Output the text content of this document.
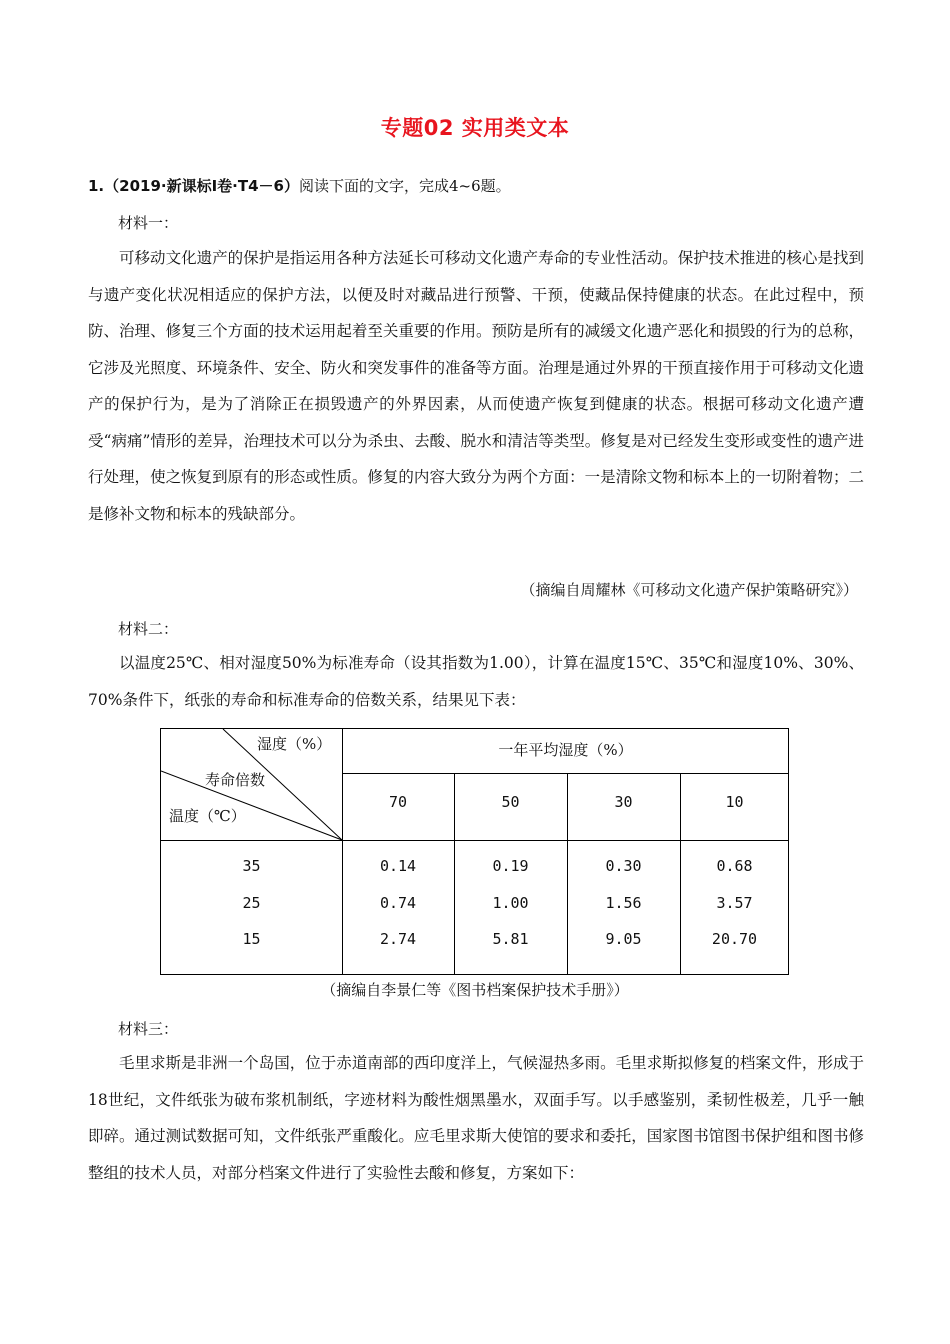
专题02 实用类文本
1.（2019·新课标Ⅰ卷·T4－6）阅读下面的文字，完成4~6题。
材料一：
可移动文化遗产的保护是指运用各种方法延长可移动文化遗产寿命的专业性活动。保护技术推进的核心是找到与遗产变化状况相适应的保护方法，以便及时对藏品进行预警、干预，使藏品保持健康的状态。在此过程中，预防、治理、修复三个方面的技术运用起着至关重要的作用。预防是所有的减缓文化遗产恶化和损毁的行为的总称，它涉及光照度、环境条件、安全、防火和突发事件的准备等方面。治理是通过外界的干预直接作用于可移动文化遗产的保护行为，是为了消除正在损毁遗产的外界因素，从而使遗产恢复到健康的状态。根据可移动文化遗产遭受“病痛”情形的差异，治理技术可以分为杀虫、去酸、脱水和清洁等类型。修复是对已经发生变形或变性的遗产进行处理，使之恢复到原有的形态或性质。修复的内容大致分为两个方面：一是清除文物和标本上的一切附着物；二是修补文物和标本的残缺部分。
（摘编自周耀林《可移动文化遗产保护策略研究》）
材料二：
以温度25℃、相对湿度50%为标准寿命（设其指数为1.00），计算在温度15℃、35℃和湿度10%、30%、70%条件下，纸张的寿命和标准寿命的倍数关系，结果见下表：
湿度（%）
寿命倍数
温度（℃）
一年平均湿度（%）
70	50	30	10
35	0.14	0.19	0.30	0.68
25	0.74	1.00	1.56	3.57
15	2.74	5.81	9.05	20.70
（摘编自李景仁等《图书档案保护技术手册》）
材料三：
毛里求斯是非洲一个岛国，位于赤道南部的西印度洋上，气候湿热多雨。毛里求斯拟修复的档案文件，形成于18世纪，文件纸张为破布浆机制纸，字迹材料为酸性烟黑墨水，双面手写。以手感鉴别，柔韧性极差，几乎一触即碎。通过测试数据可知，文件纸张严重酸化。应毛里求斯大使馆的要求和委托，国家图书馆图书保护组和图书修整组的技术人员，对部分档案文件进行了实验性去酸和修复，方案如下：
